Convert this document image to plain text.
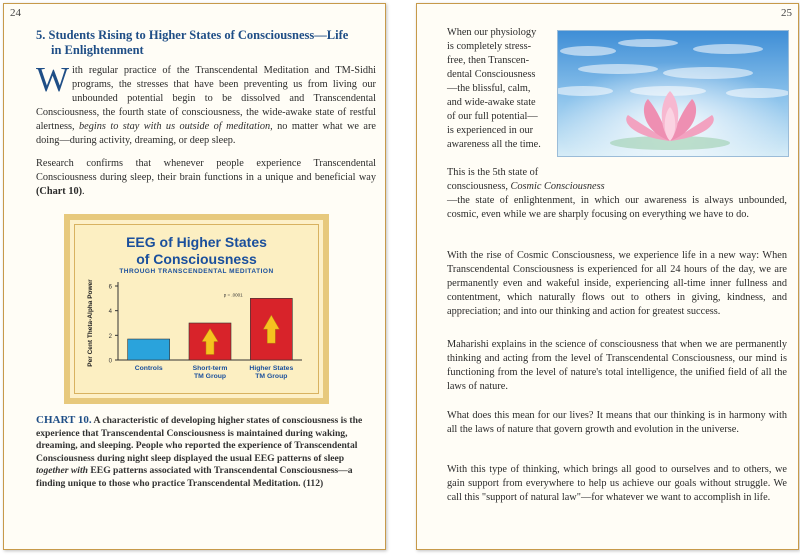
24
5. Students Rising to Higher States of Consciousness—Life
in Enlightenment
With regular practice of the Transcendental Meditation and TM-Sidhi programs, the stresses that have been preventing us from living our unbounded potential begin to be dissolved and Transcendental Consciousness, the fourth state of consciousness, the wide-awake state of restful alertness, begins to stay with us outside of meditation, no matter what we are doing—during activity, dreaming, or deep sleep.
Research confirms that whenever people experience Transcendental Consciousness during sleep, their brain functions in a unique and beneficial way (Chart 10).
EEG of Higher States
of Consciousness
THROUGH TRANSCENDENTAL MEDITATION
0
2
4
6
Per Cent Theta-Alpha Power
Controls	Short-term
TM Group
Higher States
TM Group
p = .0001
CHART 10. A characteristic of developing higher states of consciousness is the experience that Transcendental Consciousness is maintained during waking, dreaming, and sleeping. People who reported the experience of Transcendental Consciousness during night sleep displayed the usual EEG patterns of sleep together with EEG patterns associated with Transcendental Consciousness—a finding unique to those who practice Transcendental Meditation. (112)
25
When our physiology
is completely stress-
free, then Transcen-
dental Consciousness
—the blissful, calm,
and wide-awake state
of our full potential—
is experienced in our
awareness all the time.
This is the 5th state of
consciousness, Cosmic Consciousness
—the state of enlightenment, in which our awareness is always unbounded, cosmic, even while we are sharply focusing on everything we have to do.
With the rise of Cosmic Consciousness, we experience life in a new way: When Transcendental Consciousness is experienced for all 24 hours of the day, we are permanently even and wakeful inside, experiencing all-time inner fullness and contentment, which naturally flows out to others in giving, kindness, and appreciation; and into our thinking and action for greatest success.
Maharishi explains in the science of consciousness that when we are permanently thinking and acting from the level of Transcendental Consciousness, our mind is functioning from the level of nature's total intelligence, the unified field of all the laws of nature.
What does this mean for our lives? It means that our thinking is in harmony with all the laws of nature that govern growth and evolution in the universe.
With this type of thinking, which brings all good to ourselves and to others, we gain support from everywhere to help us achieve our goals without struggle. We call this "support of natural law"—for whatever we want to accomplish in life.
